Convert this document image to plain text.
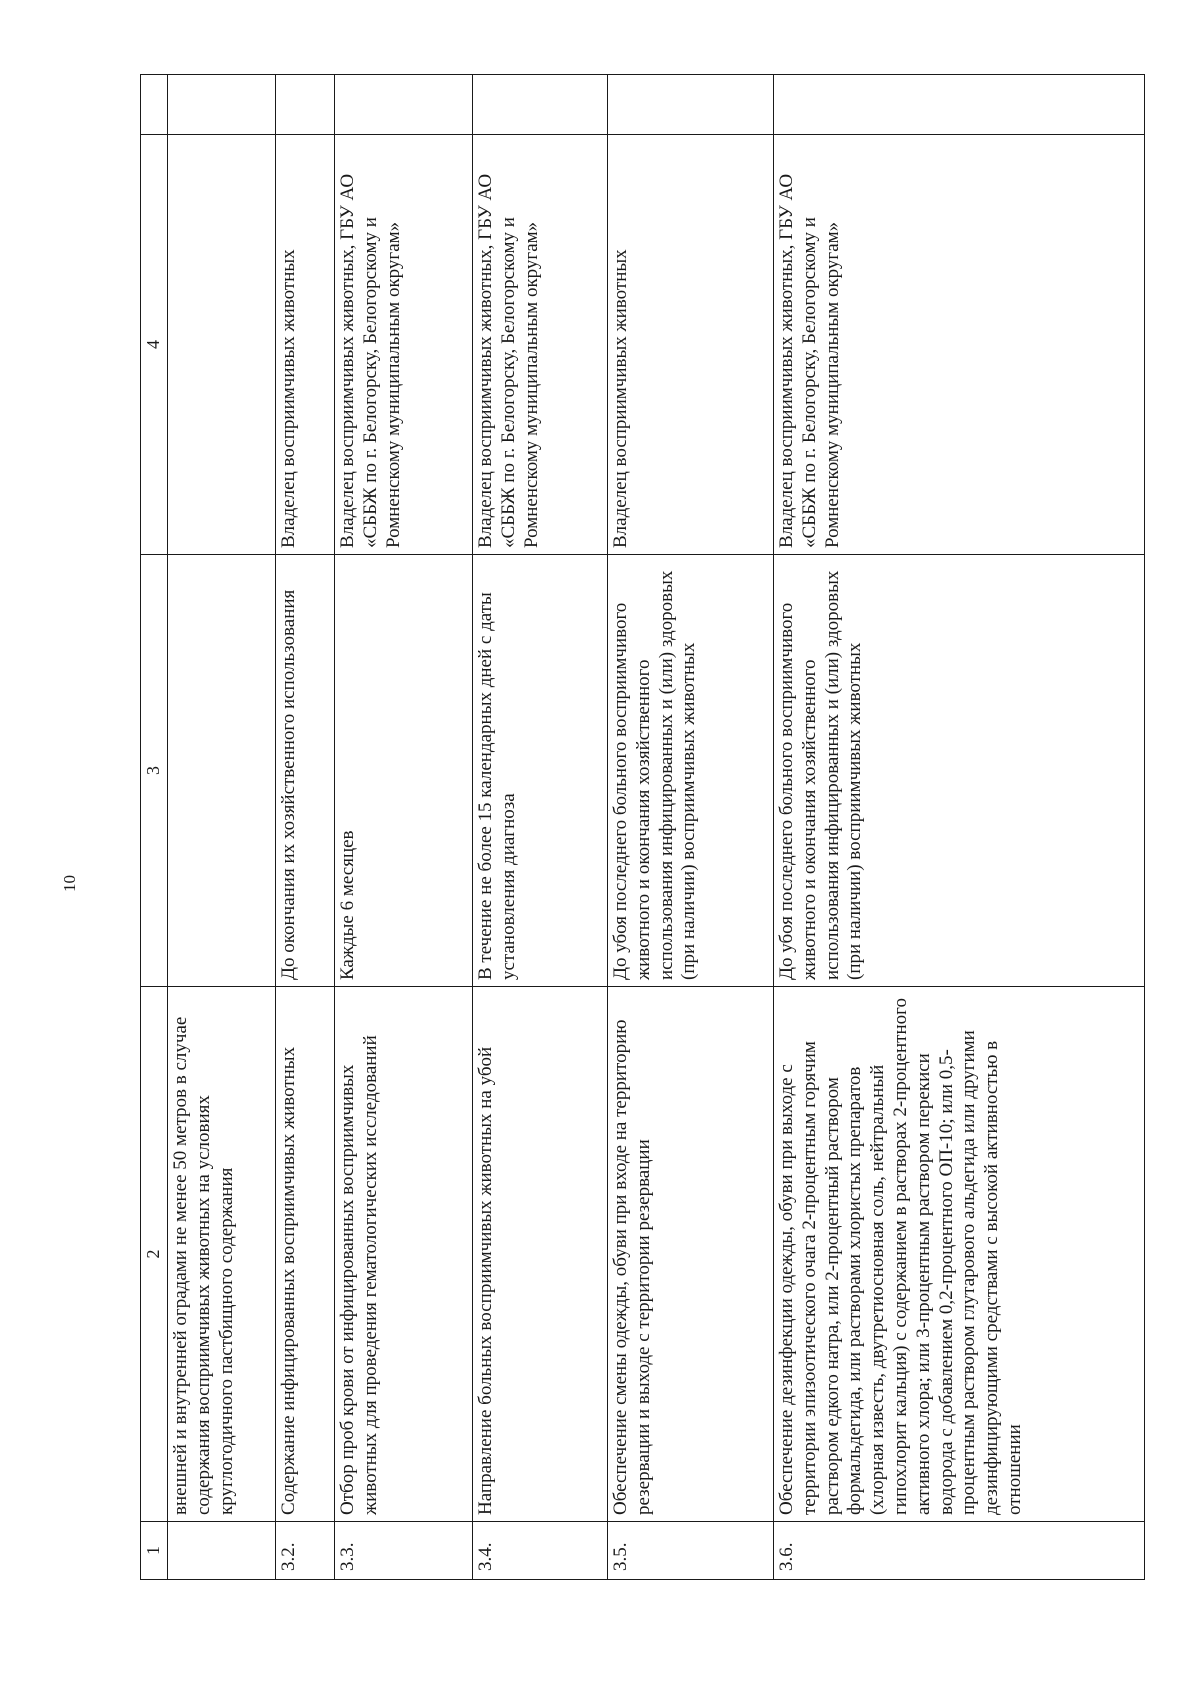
10
1	2	3	4	
	внешней и внутренней оградами не менее 50 метров в случае содержания восприимчивых животных на условиях круглогодичного пастбищного содержания			
3.2.	Содержание инфицированных восприимчивых животных	До окончания их хозяйственного использования	Владелец восприимчивых животных	
3.3.	Отбор проб крови от инфицированных восприимчивых животных для проведения гематологических исследований	Каждые 6 месяцев	Владелец восприимчивых животных, ГБУ АО «СББЖ по г. Белогорску, Белогорскому и Ромненскому муниципальным округам»	
3.4.	Направление больных восприимчивых животных на убой	В течение не более 15 календарных дней с даты установления диагноза	Владелец восприимчивых животных, ГБУ АО «СББЖ по г. Белогорску, Белогорскому и Ромненскому муниципальным округам»	
3.5.	Обеспечение смены одежды, обуви при входе на территорию резервации и выходе с территории резервации	До убоя последнего больного восприимчивого животного и окончания хозяйственного использования инфицированных и (или) здоровых (при наличии) восприимчивых животных	Владелец восприимчивых животных	
3.6.	Обеспечение дезинфекции одежды, обуви при выходе с территории эпизоотического очага 2-процентным горячим раствором едкого натра, или 2-процентный раствором формальдегида, или растворами хлористых препаратов (хлорная известь, двутретиосновная соль, нейтральный гипохлорит кальция) с содержанием в растворах 2-процентного активного хлора; или 3-процентным раствором перекиси водорода с добавлением 0,2-процентного ОП-10; или 0,5-процентным раствором глутарового альдегида или другими дезинфицирующими средствами с высокой активностью в отношении	До убоя последнего больного восприимчивого животного и окончания хозяйственного использования инфицированных и (или) здоровых (при наличии) восприимчивых животных	Владелец восприимчивых животных, ГБУ АО «СББЖ по г. Белогорску, Белогорскому и Ромненскому муниципальным округам»	
